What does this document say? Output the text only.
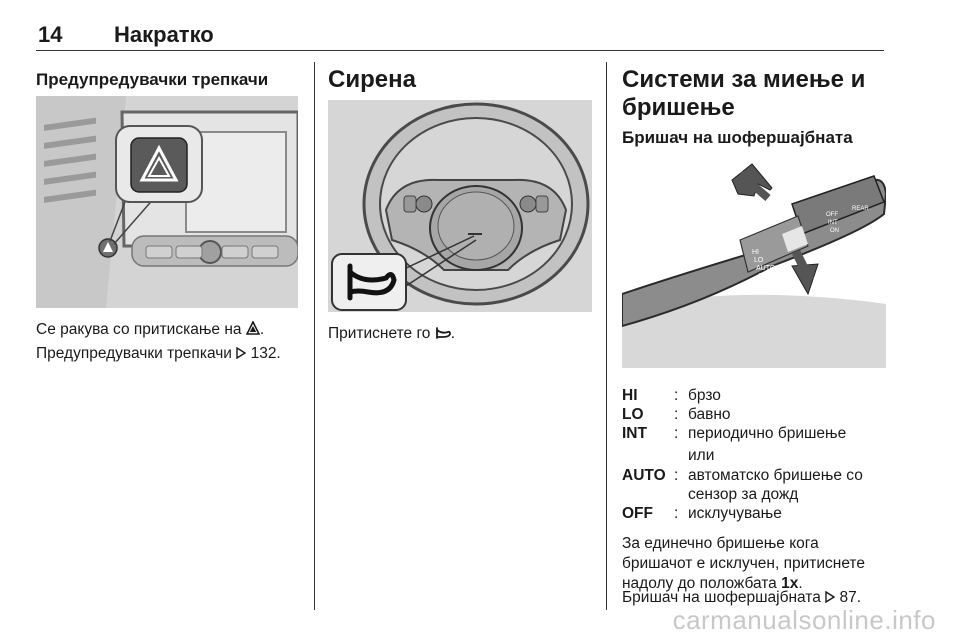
14 Накратко
Предупредувачки трепкачи
Се ракува со притискање на .
Предупредувачки трепкачи  132.
Сирена
Притиснете го .
Системи за миење и бришење
Бришач на шофершајбната
HI
LO
AUTO
OFF
OFF
INT
ON
REAR
HI : брзо
LO : бавно
INT : периодично бришење
или
AUTO : автоматско бришење со
сензор за дожд
OFF : исклучување
За единечно бришење кога
бришачот е исклучен, притиснете
надолу до положбата 1x.
Бришач на шофершајбната  87.
carmanualsonline.info
